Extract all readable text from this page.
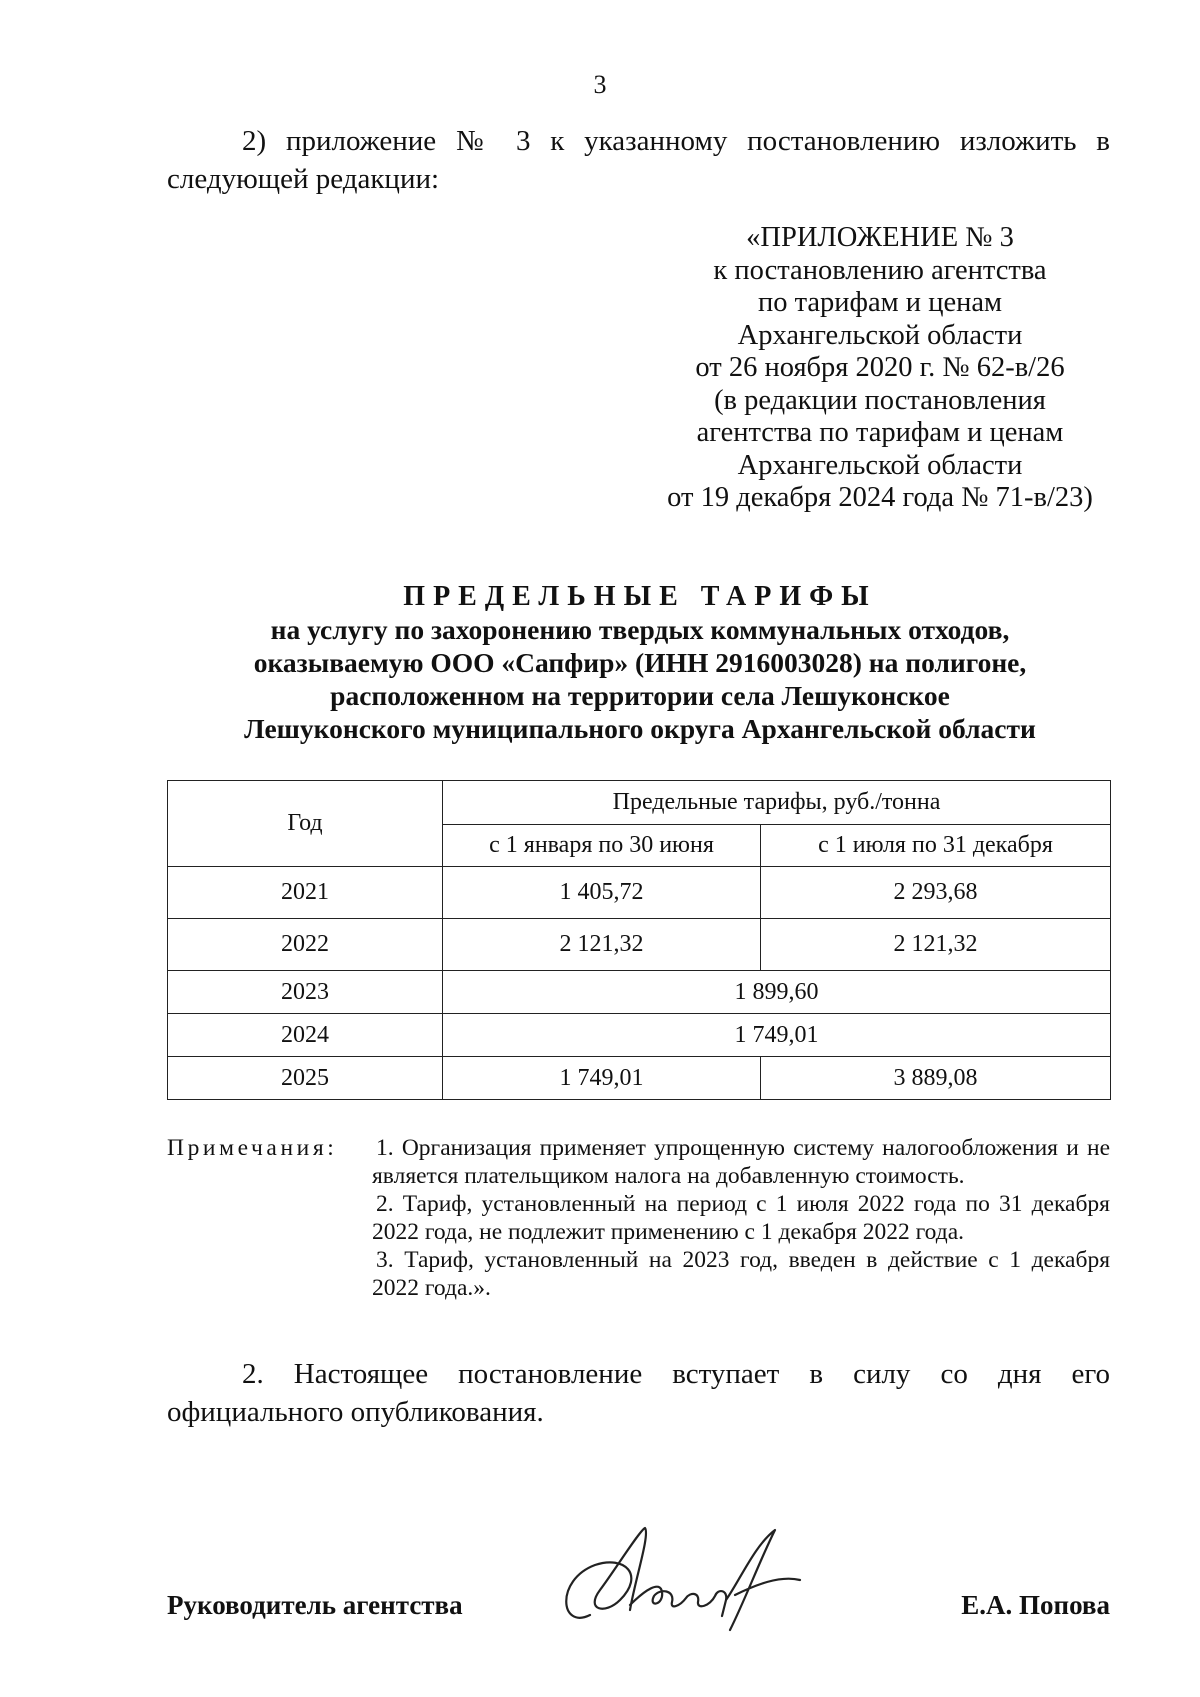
3
2) приложение № 3 к указанному постановлению изложить в следующей редакции:
«ПРИЛОЖЕНИЕ № 3
к постановлению агентства
по тарифам и ценам
Архангельской области
от 26 ноября 2020 г. № 62-в/26
(в редакции постановления
агентства по тарифам и ценам
Архангельской области
от 19 декабря 2024 года № 71-в/23)
ПРЕДЕЛЬНЫЕ ТАРИФЫ
на услугу по захоронению твердых коммунальных отходов,
оказываемую ООО «Сапфир» (ИНН 2916003028) на полигоне,
расположенном на территории села Лешуконское
Лешуконского муниципального округа Архангельской области
Год	Предельные тарифы, руб./тонна	
	с 1 января по 30 июня	с 1 июля по 31 декабря
2021	1 405,72	2 293,68
2022	2 121,32	2 121,32
2023	1 899,60	
2024	1 749,01	
2025	1 749,01	3 889,08
Примечания: 1. Организация применяет упрощенную систему налогообложения и не является плательщиком налога на добавленную стоимость.
2. Тариф, установленный на период с 1 июля 2022 года по 31 декабря 2022 года, не подлежит применению с 1 декабря 2022 года.
3. Тариф, установленный на 2023 год, введен в действие с 1 декабря 2022 года.».
2. Настоящее постановление вступает в силу со дня его официального опубликования.
Руководитель агентства	Е.А. Попова
